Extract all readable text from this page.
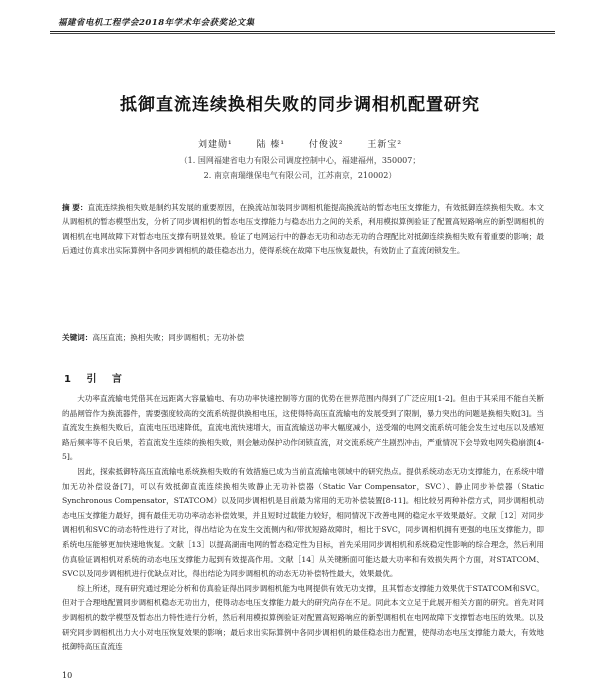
福建省电机工程学会2018年学术年会获奖论文集
抵御直流连续换相失败的同步调相机配置研究
刘建勋¹	陆 榛¹	付俊波²	王新宝²
（1. 国网福建省电力有限公司调度控制中心，福建福州，350007；
2. 南京南瑞继保电气有限公司，江苏南京，210002）
摘 要：直流连续换相失败是制约其发展的重要原因，在换流站加装同步调相机能提高换流站的暂态电压支撑能力，有效抵御连续换相失败。本文从调相机的暂态模型出发，分析了同步调相机的暂态电压支撑能力与稳态出力之间的关系，利用模拟算例验证了配置高短路响应的新型调相机的调相机在电网故障下对暂态电压支撑有明显效果。验证了电网运行中的静态无功和动态无功的合理配比对抵御连续换相失败有着重要的影响；最后通过仿真求出实际算例中各同步调相机的最佳稳态出力，使得系统在故障下电压恢复最快，有效防止了直流闭锁发生。
关键词：高压直流；换相失败；同步调相机；无功补偿
1 引 言

大功率直流输电凭借其在远距离大容量输电、有功功率快速控制等方面的优势在世界范围内得到了广泛应用[1-2]。但由于其采用不能自关断的晶闸管作为换流器件，需要强度较高的交流系统提供换相电压，这使得特高压直流输电的发展受到了限制，暴力突出的问题是换相失败[3]。当直流发生换相失败后，直流电压迅速降低，直流电流快速增大，而直流输送功率大幅度减小，送受端的电网交流系统可能会发生过电压以及感短路后频率等不良后果，若直流发生连续的换相失败，则会触动保护动作闭锁直流，对交流系统产生剧烈冲击，严重情况下会导致电网失稳崩溃[4-5]。

因此，探索抵御特高压直流输电系统换相失败的有效措施已成为当前直流输电领域中的研究热点。提供系统动态无功支撑能力，在系统中增加无功补偿设备[7]，可以有效抵御直流连续换相失败静止无功补偿器（Static Var Compensator，SVC）、静止同步补偿器（Static Synchronous Compensator，STATCOM）以及同步调相机是目前最为常用的无功补偿装置[8-11]。相比较另两种补偿方式，同步调相机动态电压支撑能力最好，拥有最佳无功功率动态补偿效果，并且短时过载能力较好，相同情况下改善电网的稳定水平效果最好。文献［12］对同步调相机和SVC的动态特性进行了对比，得出结论为在发生交流侧内和/带扰短路故障时，相比于SVC，同步调相机拥有更强的电压支撑能力，即系统电压能够更加快速地恢复。文献［13］以提高湖南电网的暂态稳定性为目标，首先采用同步调相机和系统稳定性影响的综合理念，然后利用仿真验证调相机对系统的动态电压支撑能力起到有效提高作用。文献［14］从关键断面可能达最大功率和有效损失两个方面，对STATCOM、SVC以及同步调相机进行优缺点对比，得出结论为同步调相机的动态无功补偿特性最大，效果最优。

综上所述，现有研究通过理论分析和仿真验证得出同步调相机能为电网提供有效无功支撑，且其暂态支撑能力效果优于STATCOM和SVC。但对于合理地配置同步调相机稳态无功出力，使得动态电压支撑能力最大的研究尚存在不足。同此本文立足于此展开相关方面的研究。首先对同步调相机的数学模型及暂态出力特性进行分析，然后利用模拟算例验证对配置高短路响应的新型调相机在电网故障下支撑暂态电压的效果。以及研究同步调相机出力大小对电压恢复效果的影响；最后求出实际算例中各同步调相机的最佳稳态出力配置，使得动态电压支撑能力最大，有效地抵御特高压直流连

10
